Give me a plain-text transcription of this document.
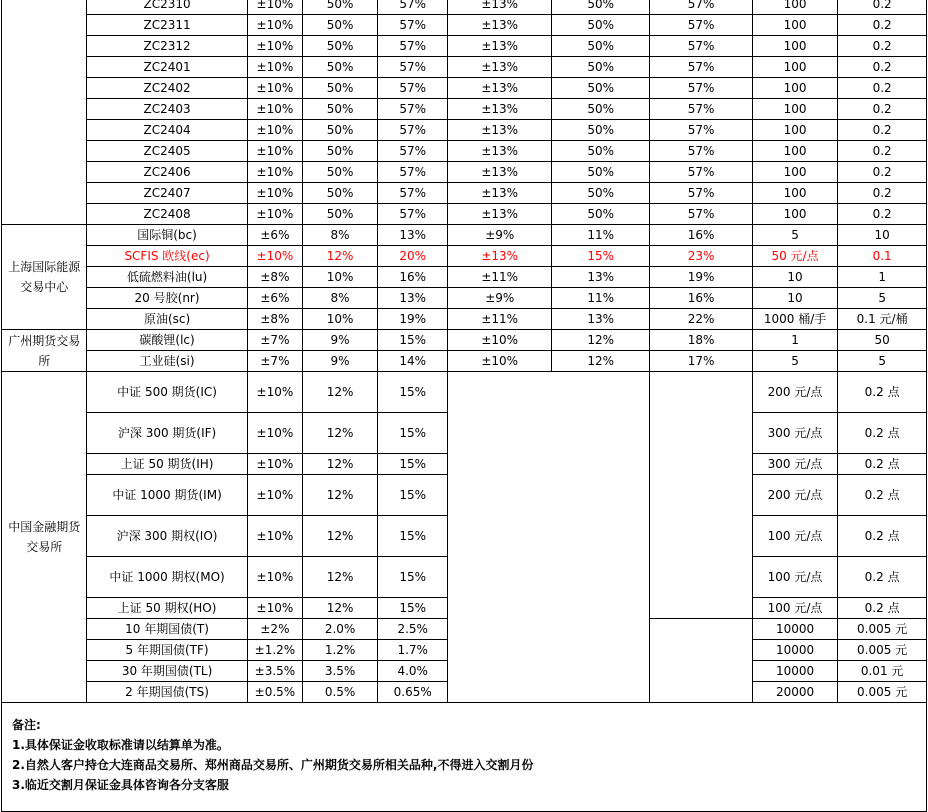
	ZC2310	±10%	50%	57%	±13%	50%	57%	100	0.2
	ZC2311	±10%	50%	57%	±13%	50%	57%	100	0.2
	ZC2312	±10%	50%	57%	±13%	50%	57%	100	0.2
	ZC2401	±10%	50%	57%	±13%	50%	57%	100	0.2
	ZC2402	±10%	50%	57%	±13%	50%	57%	100	0.2
	ZC2403	±10%	50%	57%	±13%	50%	57%	100	0.2
	ZC2404	±10%	50%	57%	±13%	50%	57%	100	0.2
	ZC2405	±10%	50%	57%	±13%	50%	57%	100	0.2
	ZC2406	±10%	50%	57%	±13%	50%	57%	100	0.2
	ZC2407	±10%	50%	57%	±13%	50%	57%	100	0.2
	ZC2408	±10%	50%	57%	±13%	50%	57%	100	0.2
上海国际能源交易中心	国际铜(bc)	±6%	8%	13%	±9%	11%	16%	5	10
	SCFIS 欧线(ec)	±10%	12%	20%	±13%	15%	23%	50 元/点	0.1
	低硫燃料油(lu)	±8%	10%	16%	±11%	13%	19%	10	1
	20 号胶(nr)	±6%	8%	13%	±9%	11%	16%	10	5
	原油(sc)	±8%	10%	19%	±11%	13%	22%	1000 桶/手	0.1 元/桶
广州期货交易所	碳酸锂(lc)	±7%	9%	15%	±10%	12%	18%	1	50
	工业硅(si)	±7%	9%	14%	±10%	12%	17%	5	5
中国金融期货交易所	中证 500 期货(IC)	±10%	12%	15%				200 元/点	0.2 点
	沪深 300 期货(IF)	±10%	12%	15%				300 元/点	0.2 点
	上证 50 期货(IH)	±10%	12%	15%				300 元/点	0.2 点
	中证 1000 期货(IM)	±10%	12%	15%				200 元/点	0.2 点
	沪深 300 期权(IO)	±10%	12%	15%				100 元/点	0.2 点
	中证 1000 期权(MO)	±10%	12%	15%				100 元/点	0.2 点
	上证 50 期权(HO)	±10%	12%	15%				100 元/点	0.2 点
	10 年期国债(T)	±2%	2.0%	2.5%				10000	0.005 元
	5 年期国债(TF)	±1.2%	1.2%	1.7%				10000	0.005 元
	30 年期国债(TL)	±3.5%	3.5%	4.0%				10000	0.01 元
	2 年期国债(TS)	±0.5%	0.5%	0.65%				20000	0.005 元

备注:
1.具体保证金收取标准请以结算单为准。
2.自然人客户持仓大连商品交易所、郑州商品交易所、广州期货交易所相关品种,不得进入交割月份
3.临近交割月保证金具体咨询各分支客服									
